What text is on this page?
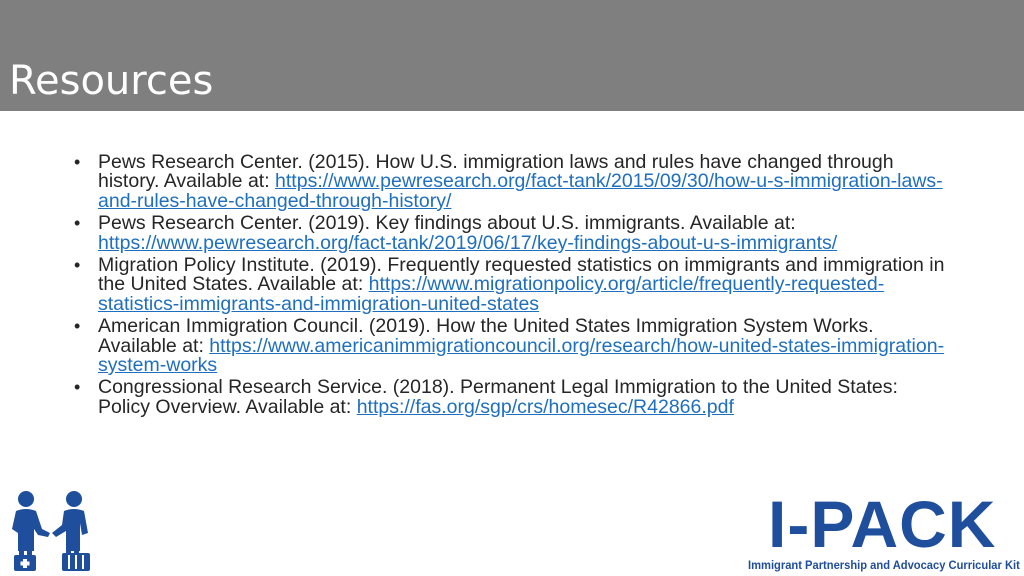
Resources
• Pews Research Center. (2015). How U.S. immigration laws and rules have changed through history. Available at: https://www.pewresearch.org/fact-tank/2015/09/30/how-u-s-immigration-laws-and-rules-have-changed-through-history/
• Pews Research Center. (2019). Key findings about U.S. immigrants. Available at: https://www.pewresearch.org/fact-tank/2019/06/17/key-findings-about-u-s-immigrants/
• Migration Policy Institute. (2019). Frequently requested statistics on immigrants and immigration in the United States. Available at: https://www.migrationpolicy.org/article/frequently-requested-statistics-immigrants-and-immigration-united-states
• American Immigration Council. (2019). How the United States Immigration System Works. Available at: https://www.americanimmigrationcouncil.org/research/how-united-states-immigration-system-works
• Congressional Research Service. (2018). Permanent Legal Immigration to the United States: Policy Overview. Available at: https://fas.org/sgp/crs/homesec/R42866.pdf
I-PACK
Immigrant Partnership and Advocacy Curricular Kit
